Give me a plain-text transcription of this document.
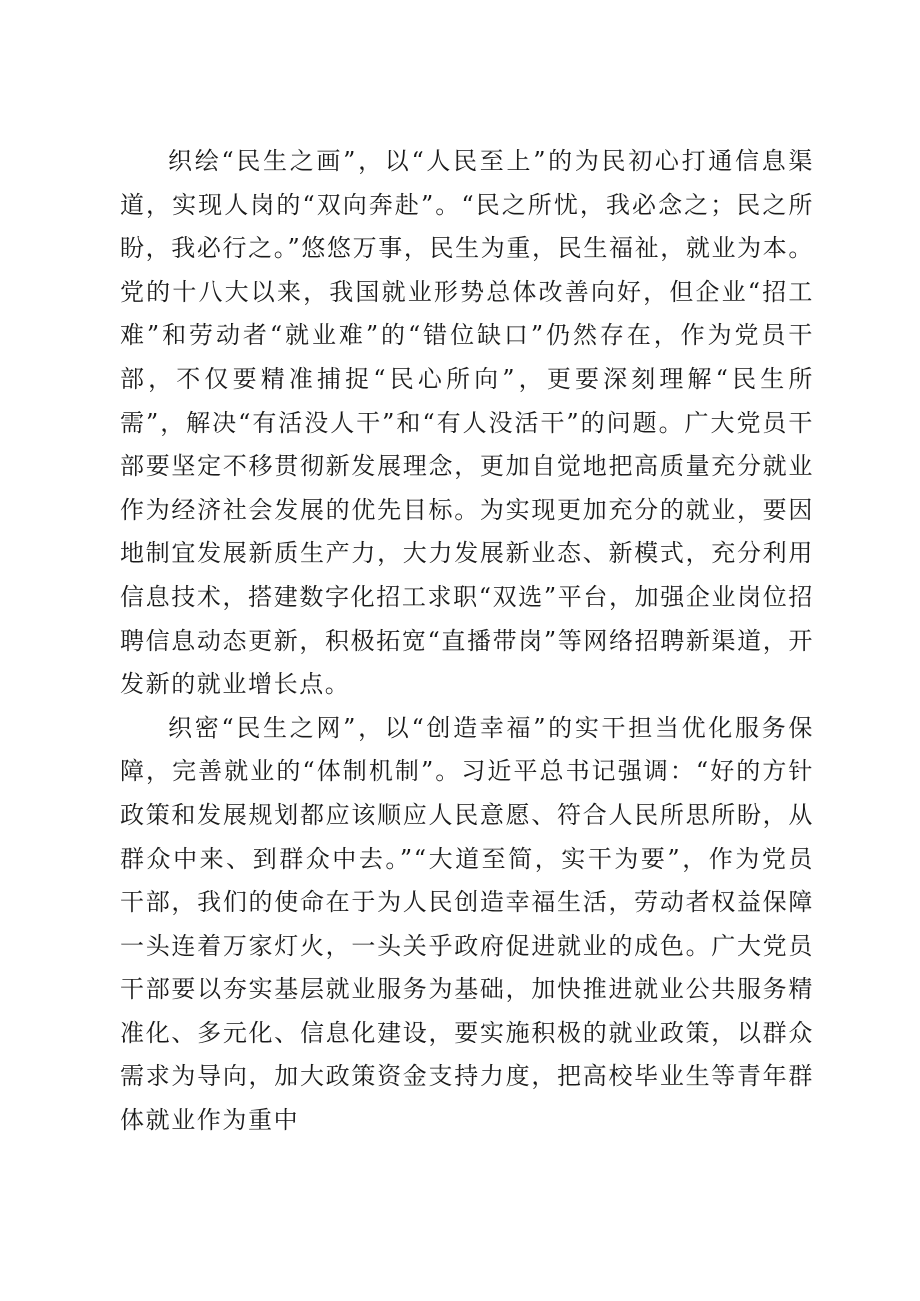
织绘“民生之画”，以“人民至上”的为民初心打通信息渠道，实现人岗的“双向奔赴”。“民之所忧，我必念之；民之所盼，我必行之。”悠悠万事，民生为重，民生福祉，就业为本。党的十八大以来，我国就业形势总体改善向好，但企业“招工难”和劳动者“就业难”的“错位缺口”仍然存在，作为党员干部，不仅要精准捕捉“民心所向”，更要深刻理解“民生所需”，解决“有活没人干”和“有人没活干”的问题。广大党员干部要坚定不移贯彻新发展理念，更加自觉地把高质量充分就业作为经济社会发展的优先目标。为实现更加充分的就业，要因地制宜发展新质生产力，大力发展新业态、新模式，充分利用信息技术，搭建数字化招工求职“双选”平台，加强企业岗位招聘信息动态更新，积极拓宽“直播带岗”等网络招聘新渠道，开发新的就业增长点。

织密“民生之网”，以“创造幸福”的实干担当优化服务保障，完善就业的“体制机制”。习近平总书记强调：“好的方针政策和发展规划都应该顺应人民意愿、符合人民所思所盼，从群众中来、到群众中去。”“大道至简，实干为要”，作为党员干部，我们的使命在于为人民创造幸福生活，劳动者权益保障一头连着万家灯火，一头关乎政府促进就业的成色。广大党员干部要以夯实基层就业服务为基础，加快推进就业公共服务精准化、多元化、信息化建设，要实施积极的就业政策，以群众需求为导向，加大政策资金支持力度，把高校毕业生等青年群体就业作为重中
